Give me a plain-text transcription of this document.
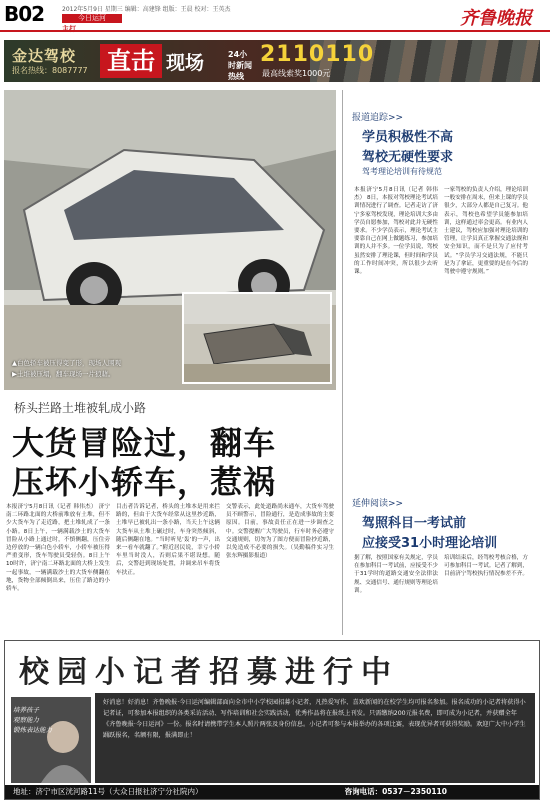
B02	2012年5月9日 星期三 编辑：高建锋 组版：王晨 校对：王英杰
今日运河
主打	齐鲁晚报
金达驾校
报名热线：8087777 直击 现场	24小时新闻热线
2110110
最高线索奖1000元
▲白色轿车被压得变了形，现场人围观
▶土堆被压塌，翻车现场一片狼藉。
桥头拦路土堆被轧成小路
大货冒险过，翻车
压坏小轿车，惹祸
本报济宁5月8日讯（记者 韩伟杰） 济宁南二环路北面的大桥前堆放有土堆，但不少大货车为了走近路，把土堆轧成了一条小路。8日上午，一辆满载沙土的大货车冒险从小路上通过时，不慎侧翻，压住旁边停放的一辆白色小轿车，小轿车被压得严重变形，货车驾驶员受轻伤。8日上午10时许，济宁南二环路北面的大桥上发生一起事故，一辆满载沙土的大货车侧翻在地，货物全部倾倒出来，压住了路边的小轿车。
目击者告诉记者，桥头的土堆本是用来拦路的，但由于大货车经常从这里抄近路，土堆早已被轧出一条小路，当天上午这辆大货车从土堆上碾过时，车身突然倾斜，随后侧翻在地。“当时听见‘轰’的一声，出来一看车就翻了。”附近居民说，幸亏小轿车里当时没人，否则后果不堪设想。随后，交警赶到现场处置，并调来吊车将货车扶正。
交警表示，此处道路尚未通车，大货车驾驶员不顾警示，冒险通行，是造成事故的主要原因。目前，事故责任正在进一步调查之中。交警提醒广大驾驶员，行车时务必遵守交通规则，切勿为了图方便而冒险抄近路，以免造成不必要的损失。（吴勤稿件实习生张东辉摄影报道）
报道追踪>>
学员积极性不高
驾校无硬性要求
驾考理论培训有待规范
本报济宁5月8日讯（记者 韩伟杰） 8日，本报对驾校理论考试培训情况进行了调查。记者走访了济宁多家驾校发现，理论培训大多由学员自愿参加，驾校对此并无硬性要求。不少学员表示，理论考试主要靠自己在网上做题练习，参加培训的人并不多。一位学员说，驾校虽然安排了理论课，但时间和学员的工作时间冲突，所以很少去听课。
一家驾校的负责人介绍，理论培训一般安排在周末，但来上课的学员很少，大部分人都是自己复习。他表示，驾校也希望学员能参加培训，这样通过率会更高。有业内人士建议，驾校应加强对理论培训的管理，让学员真正掌握交通法规和安全知识，而不是只为了应付考试。“学员学习交通法规，不能只是为了拿证，更重要的是在今后的驾驶中遵守规则。”
延伸阅读>>
驾照科目一考试前
应接受31小时理论培训
据了解，按照国家有关规定，学员在参加科目一考试前，应接受不少于31学时的道路交通安全法律法规、交通信号、通行规则等理论培训。
培训结束后，经驾校考核合格，方可参加科目一考试。记者了解到，目前济宁驾校执行情况参差不齐。
校园小记者招募进行中
培养孩子
观察能力
锻炼表达能力
好消息！好消息！齐鲁晚报·今日运河编辑部面向全市中小学校园招募小记者，凡热爱写作、喜欢新闻的在校学生均可报名参加。报名成功的小记者将获得小记者证，可参加本报组织的各类采访活动、写作培训和社会实践活动，优秀作品将在报纸上刊发。只需缴纳200元报名费，即可成为小记者，并获赠全年《齐鲁晚报·今日运河》一份。报名时请携带学生本人照片两张及身份信息。小记者可参与本报举办的各项比赛，表现优异者可获得奖励。欢迎广大中小学生踊跃报名，名额有限，报满即止！
地址：济宁市区洸河路11号（大众日报社济宁分社院内）	咨询电话：0537－2350110
